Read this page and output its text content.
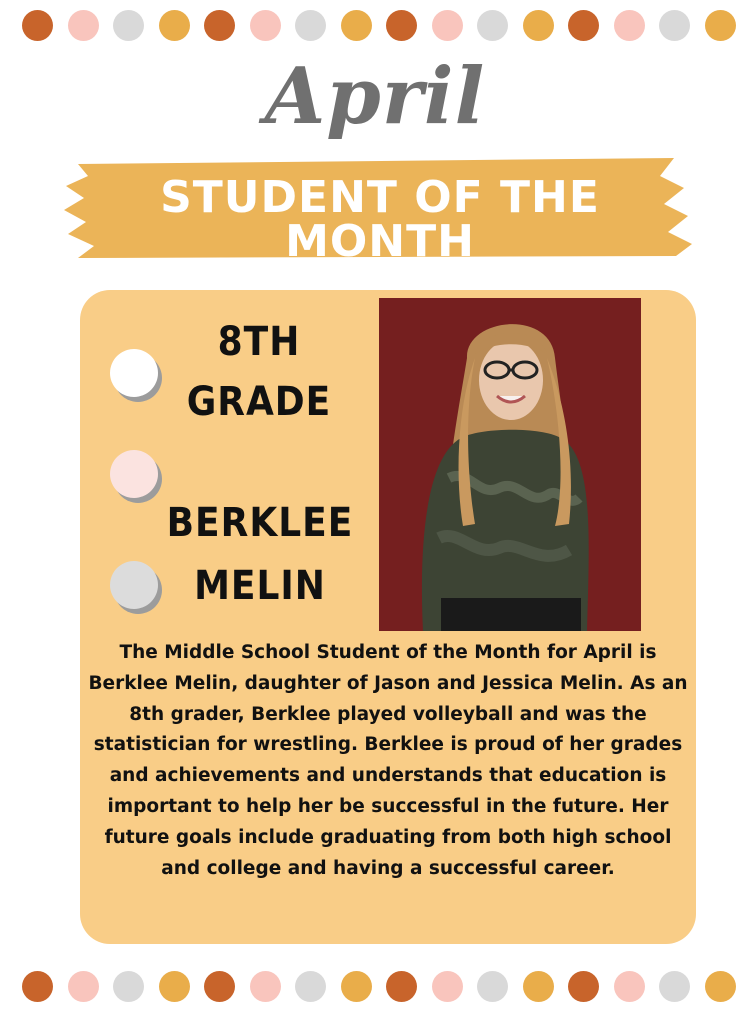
April
STUDENT OF THE MONTH
8TH
GRADE
BERKLEE
MELIN
The Middle School Student of the Month for April is Berklee Melin, daughter of Jason and Jessica Melin. As an 8th grader, Berklee played volleyball and was the statistician for wrestling. Berklee is proud of her grades and achievements and understands that education is important to help her be successful in the future. Her future goals include graduating from both high school and college and having a successful career.
